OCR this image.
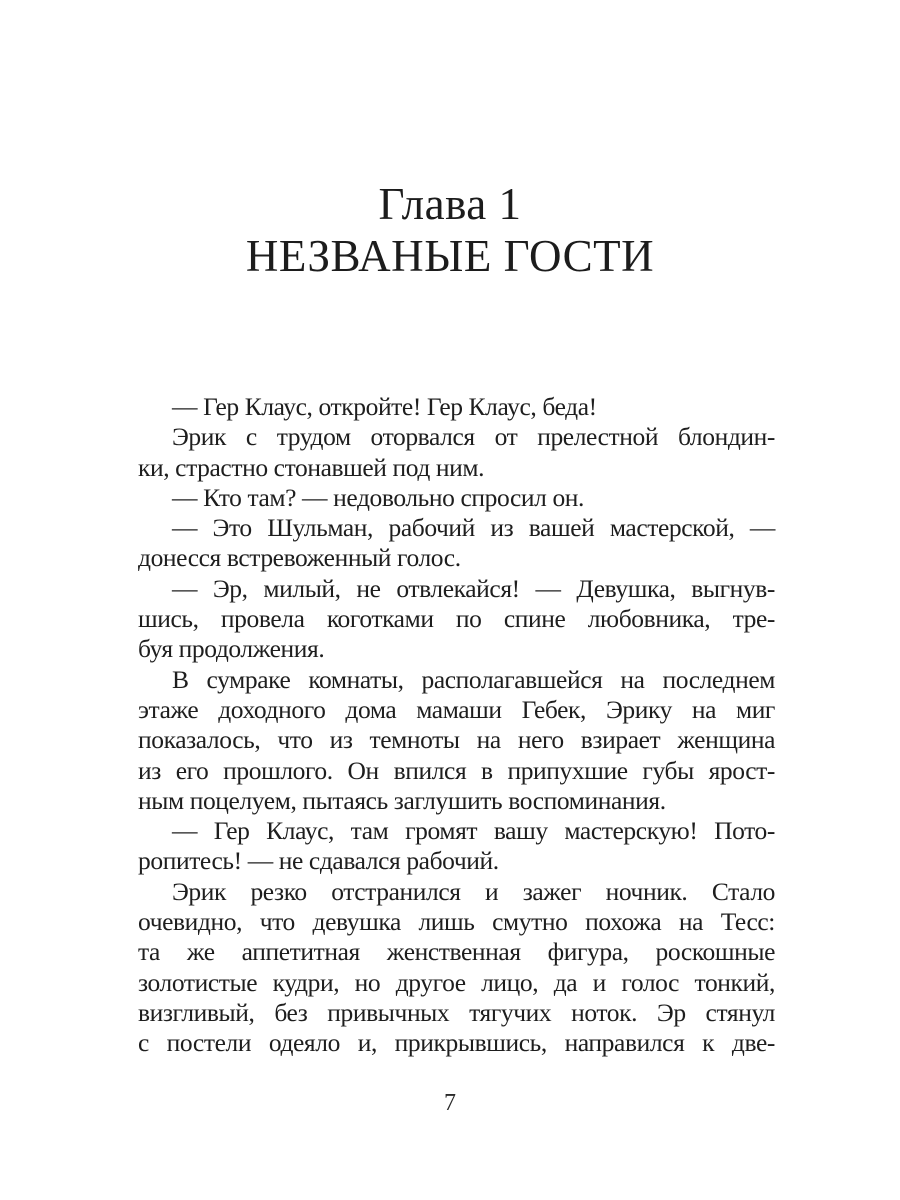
Глава 1
НЕЗВАНЫЕ ГОСТИ
— Гер Клаус, откройте! Гер Клаус, беда!
Эрик с трудом оторвался от прелестной блондин-
ки, страстно стонавшей под ним.
— Кто там? — недовольно спросил он.
— Это Шульман, рабочий из вашей мастерской, —
донесся встревоженный голос.
— Эр, милый, не отвлекайся! — Девушка, выгнув-
шись, провела коготками по спине любовника, тре-
буя продолжения.
В сумраке комнаты, располагавшейся на последнем
этаже доходного дома мамаши Гебек, Эрику на миг
показалось, что из темноты на него взирает женщина
из его прошлого. Он впился в припухшие губы ярост-
ным поцелуем, пытаясь заглушить воспоминания.
— Гер Клаус, там громят вашу мастерскую! Пото-
ропитесь! — не сдавался рабочий.
Эрик резко отстранился и зажег ночник. Стало
очевидно, что девушка лишь смутно похожа на Тесс:
та же аппетитная женственная фигура, роскошные
золотистые кудри, но другое лицо, да и голос тонкий,
визгливый, без привычных тягучих ноток. Эр стянул
с постели одеяло и, прикрывшись, направился к две-
7
